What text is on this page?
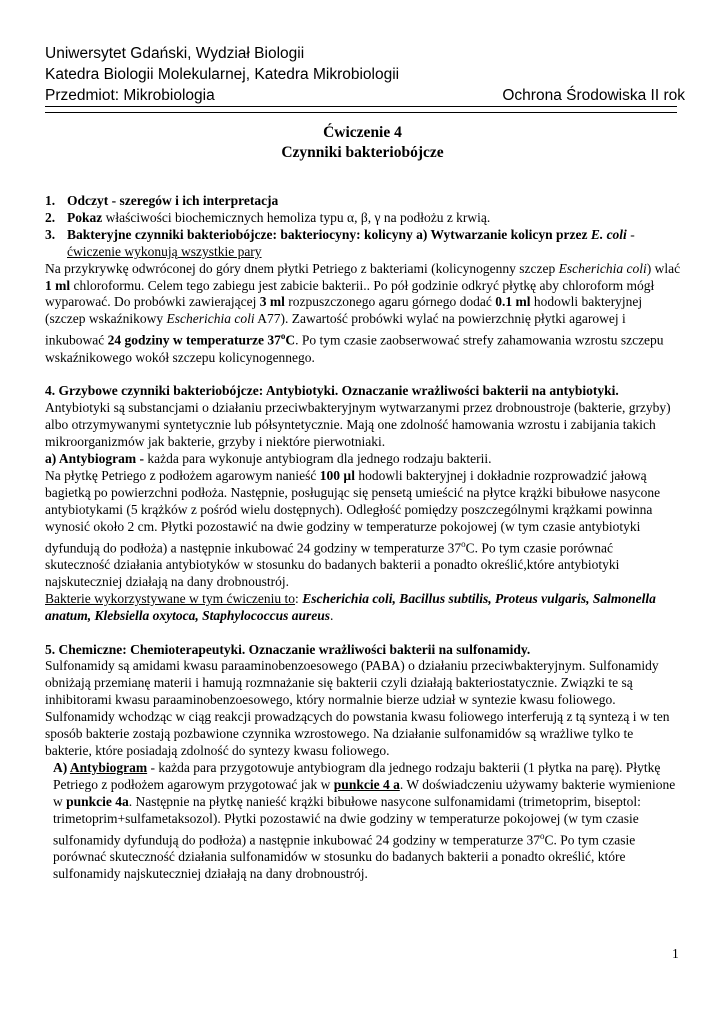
Uniwersytet Gdański, Wydział Biologii
Katedra Biologii Molekularnej, Katedra Mikrobiologii
Przedmiot: Mikrobiologia	Ochrona Środowiska II rok
Ćwiczenie 4
Czynniki bakteriobójcze
1. Odczyt - szeregów i ich interpretacja
2. Pokaz właściwości biochemicznych hemoliza typu α, β, γ na podłożu z krwią.
3. Bakteryjne czynniki bakteriobójcze: bakteriocyny: kolicyny a) Wytwarzanie kolicyn przez E. coli - ćwiczenie wykonują wszystkie pary

Na przykrywkę odwróconej do góry dnem płytki Petriego z bakteriami (kolicynogenny szczep Escherichia coli) wlać 1 ml chloroformu. Celem tego zabiegu jest zabicie bakterii.. Po pół godzinie odkryć płytkę aby chloroform mógł wyparować. Do probówki zawierającej 3 ml rozpuszczonego agaru górnego dodać 0.1 ml hodowli bakteryjnej (szczep wskaźnikowy Escherichia coli A77). Zawartość probówki wylać na powierzchnię płytki agarowej i inkubować 24 godziny w temperaturze 37$^o$C. Po tym czasie zaobserwować strefy zahamowania wzrostu szczepu wskaźnikowego wokół szczepu kolicynogennego.

4. Grzybowe czynniki bakteriobójcze: Antybiotyki. Oznaczanie wrażliwości bakterii na antybiotyki.

Antybiotyki są substancjami o działaniu przeciwbakteryjnym wytwarzanymi przez drobnoustroje (bakterie, grzyby) albo otrzymywanymi syntetycznie lub półsyntetycznie. Mają one zdolność hamowania wzrostu i zabijania takich mikroorganizmów jak bakterie, grzyby i niektóre pierwotniaki.

a) Antybiogram - każda para wykonuje antybiogram dla jednego rodzaju bakterii.

Na płytkę Petriego z podłożem agarowym nanieść 100 µl hodowli bakteryjnej i dokładnie rozprowadzić jałową bagietką po powierzchni podłoża. Następnie, posługując się pensetą umieścić na płytce krążki bibułowe nasycone antybiotykami (5 krążków z pośród wielu dostępnych). Odległość pomiędzy poszczególnymi krążkami powinna wynosić około 2 cm. Płytki pozostawić na dwie godziny w temperaturze pokojowej (w tym czasie antybiotyki dyfundują do podłoża) a następnie inkubować 24 godziny w temperaturze 37$^o$C. Po tym czasie porównać skuteczność działania antybiotyków w stosunku do badanych bakterii a ponadto określić,które antybiotyki najskuteczniej działają na dany drobnoustrój.

Bakterie wykorzystywane w tym ćwiczeniu to: Escherichia coli, Bacillus subtilis, Proteus vulgaris, Salmonella anatum, Klebsiella oxytoca, Staphylococcus aureus.

5. Chemiczne: Chemioterapeutyki. Oznaczanie wrażliwości bakterii na sulfonamidy.

Sulfonamidy są amidami kwasu paraaminobenzoesowego (PABA) o działaniu przeciwbakteryjnym. Sulfonamidy obniżają przemianę materii i hamują rozmnażanie się bakterii czyli działają bakteriostatycznie. Związki te są inhibitorami kwasu paraaminobenzoesowego, który normalnie bierze udział w syntezie kwasu foliowego. Sulfonamidy wchodząc w ciąg reakcji prowadzących do powstania kwasu foliowego interferują z tą syntezą i w ten sposób bakterie zostają pozbawione czynnika wzrostowego. Na działanie sulfonamidów są wrażliwe tylko te bakterie, które posiadają zdolność do syntezy kwasu foliowego.

A) Antybiogram - każda para przygotowuje antybiogram dla jednego rodzaju bakterii (1 płytka na parę). Płytkę Petriego z podłożem agarowym przygotować jak w punkcie 4 a. W doświadczeniu używamy bakterie wymienione w punkcie 4a. Następnie na płytkę nanieść krążki bibułowe nasycone sulfonamidami (trimetoprim, biseptol: trimetoprim+sulfametaksozol). Płytki pozostawić na dwie godziny w temperaturze pokojowej (w tym czasie sulfonamidy dyfundują do podłoża) a następnie inkubować 24 godziny w temperaturze 37$^o$C. Po tym czasie porównać skuteczność działania sulfonamidów w stosunku do badanych bakterii a ponadto określić, które sulfonamidy najskuteczniej działają na dany drobnoustrój.

1
